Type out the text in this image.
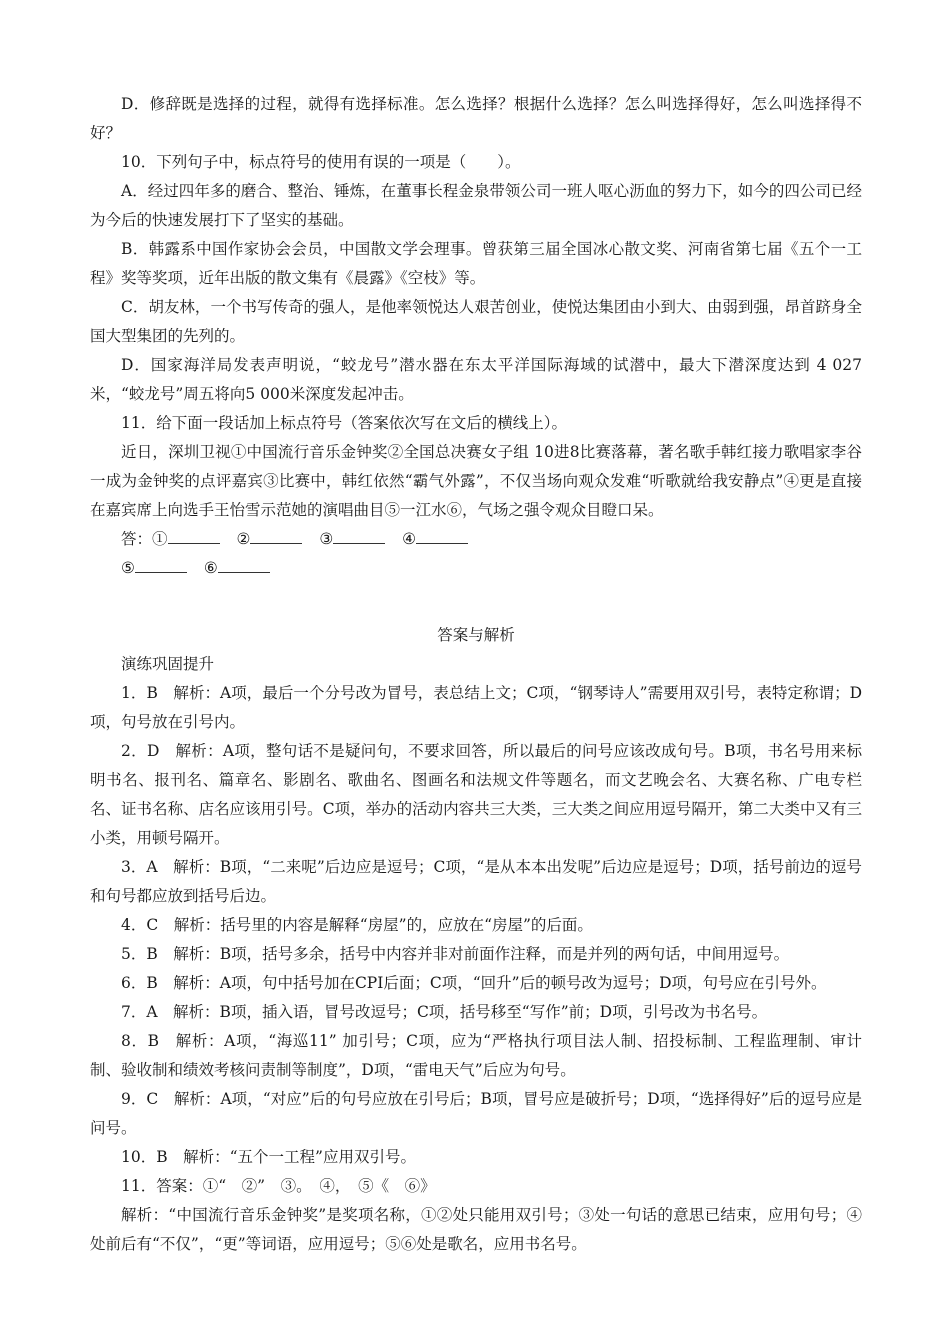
D．修辞既是选择的过程，就得有选择标准。怎么选择？根据什么选择？怎么叫选择得好，怎么叫选择得不好？

10．下列句子中，标点符号的使用有误的一项是（　　）。

A．经过四年多的磨合、整治、锤炼，在董事长程金泉带领公司一班人呕心沥血的努力下，如今的四公司已经为今后的快速发展打下了坚实的基础。

B．韩露系中国作家协会会员，中国散文学会理事。曾获第三届全国冰心散文奖、河南省第七届《五个一工程》奖等奖项，近年出版的散文集有《晨露》《空枝》等。

C．胡友林，一个书写传奇的强人，是他率领悦达人艰苦创业，使悦达集团由小到大、由弱到强，昂首跻身全国大型集团的先列的。

D．国家海洋局发表声明说，“蛟龙号”潜水器在东太平洋国际海域的试潜中，最大下潜深度达到 4 027米，“蛟龙号”周五将向5 000米深度发起冲击。

11．给下面一段话加上标点符号（答案依次写在文后的横线上）。

近日，深圳卫视①中国流行音乐金钟奖②全国总决赛女子组 10进8比赛落幕，著名歌手韩红接力歌唱家李谷一成为金钟奖的点评嘉宾③比赛中，韩红依然“霸气外露”，不仅当场向观众发难“听歌就给我安静点”④更是直接在嘉宾席上向选手王怡雪示范她的演唱曲目⑤一江水⑥，气场之强令观众目瞪口呆。

答：①	②	③	④

⑤	⑥

答案与解析

演练巩固提升

1．B　解析：A项，最后一个分号改为冒号，表总结上文；C项，“钢琴诗人”需要用双引号，表特定称谓；D项，句号放在引号内。

2．D　解析：A项，整句话不是疑问句，不要求回答，所以最后的问号应该改成句号。B项，书名号用来标明书名、报刊名、篇章名、影剧名、歌曲名、图画名和法规文件等题名，而文艺晚会名、大赛名称、广电专栏名、证书名称、店名应该用引号。C项，举办的活动内容共三大类，三大类之间应用逗号隔开，第二大类中又有三小类，用顿号隔开。

3．A　解析：B项，“二来呢”后边应是逗号；C项，“是从本本出发呢”后边应是逗号；D项，括号前边的逗号和句号都应放到括号后边。

4．C　解析：括号里的内容是解释“房屋”的，应放在“房屋”的后面。

5．B　解析：B项，括号多余，括号中内容并非对前面作注释，而是并列的两句话，中间用逗号。

6．B　解析：A项，句中括号加在CPI后面；C项，“回升”后的顿号改为逗号；D项，句号应在引号外。

7．A　解析：B项，插入语，冒号改逗号；C项，括号移至“写作”前；D项，引号改为书名号。

8．B　解析：A项，“海巡11” 加引号；C项，应为“严格执行项目法人制、招投标制、工程监理制、审计制、验收制和绩效考核问责制等制度”，D项，“雷电天气”后应为句号。

9．C　解析：A项，“对应”后的句号应放在引号后；B项，冒号应是破折号；D项，“选择得好”后的逗号应是问号。

10．B　解析：“五个一工程”应用双引号。

11．答案：①“　②”　③。　④，　⑤《　⑥》

解析：“中国流行音乐金钟奖”是奖项名称，①②处只能用双引号；③处一句话的意思已结束，应用句号；④处前后有“不仅”，“更”等词语，应用逗号；⑤⑥处是歌名，应用书名号。
